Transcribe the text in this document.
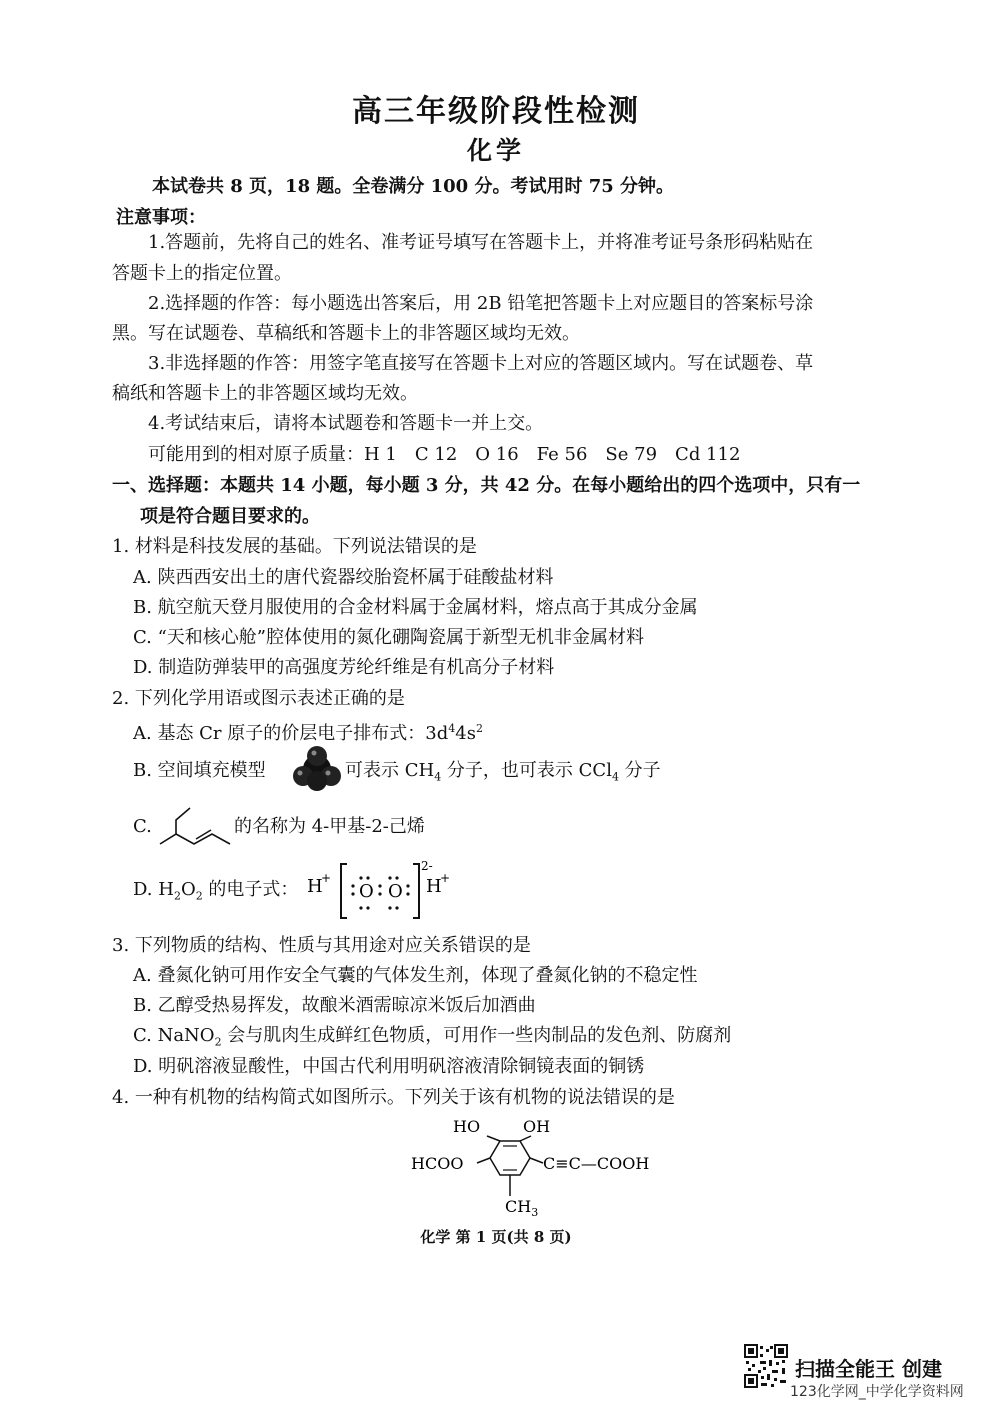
高三年级阶段性检测
化学
本试卷共 8 页，18 题。全卷满分 100 分。考试用时 75 分钟。
注意事项：
1.答题前，先将自己的姓名、准考证号填写在答题卡上，并将准考证号条形码粘贴在
答题卡上的指定位置。
2.选择题的作答：每小题选出答案后，用 2B 铅笔把答题卡上对应题目的答案标号涂
黑。写在试题卷、草稿纸和答题卡上的非答题区域均无效。
3.非选择题的作答：用签字笔直接写在答题卡上对应的答题区域内。写在试题卷、草
稿纸和答题卡上的非答题区域均无效。
4.考试结束后，请将本试题卷和答题卡一并上交。
可能用到的相对原子质量：H 1　C 12　O 16　Fe 56　Se 79　Cd 112
一、选择题：本题共 14 小题，每小题 3 分，共 42 分。在每小题给出的四个选项中，只有一
项是符合题目要求的。
1. 材料是科技发展的基础。下列说法错误的是
A. 陕西西安出土的唐代瓷器绞胎瓷杯属于硅酸盐材料
B. 航空航天登月服使用的合金材料属于金属材料，熔点高于其成分金属
C. “天和核心舱”腔体使用的氮化硼陶瓷属于新型无机非金属材料
D. 制造防弹装甲的高强度芳纶纤维是有机高分子材料
2. 下列化学用语或图示表述正确的是
A. 基态 Cr 原子的价层电子排布式：$3d^44s^2$
B. 空间填充模型	可表示 $CH_4$ 分子，也可表示 CCl$_4$ 分子
C.	的名称为 4-甲基-2-己烯
D. $H_2O_2$ 的电子式： H
+
O O
2-
H
+
3. 下列物质的结构、性质与其用途对应关系错误的是
A. 叠氮化钠可用作安全气囊的气体发生剂，体现了叠氮化钠的不稳定性
B. 乙醇受热易挥发，故酿米酒需晾凉米饭后加酒曲
C. NaNO$_2$ 会与肌肉生成鲜红色物质，可用作一些肉制品的发色剂、防腐剂
D. 明矾溶液显酸性，中国古代利用明矾溶液清除铜镜表面的铜锈
4. 一种有机物的结构简式如图所示。下列关于该有机物的说法错误的是
HO	OH
HCOO	C≡C—COOH
$CH_3$
化学 第 1 页(共 8 页)
扫描全能王 创建
123化学网_中学化学资料网
